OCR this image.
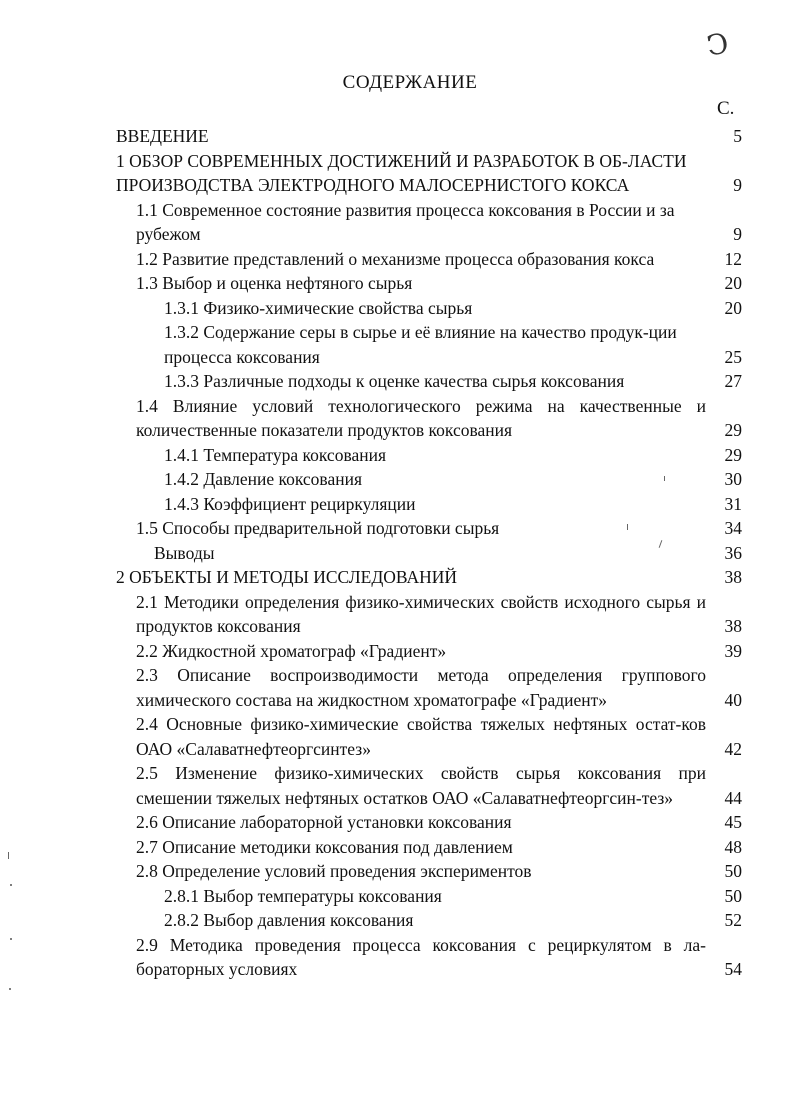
Ↄ
СОДЕРЖАНИЕ
С.
ВВЕДЕНИЕ	5
1 ОБЗОР СОВРЕМЕННЫХ ДОСТИЖЕНИЙ И РАЗРАБОТОК В ОБ-ЛАСТИ ПРОИЗВОДСТВА ЭЛЕКТРОДНОГО МАЛОСЕРНИСТОГО КОКСА	9
1.1 Современное состояние развития процесса коксования в России и за рубежом	9
1.2 Развитие представлений о механизме процесса образования кокса	12
1.3 Выбор и оценка нефтяного сырья	20
1.3.1 Физико-химические свойства сырья	20
1.3.2 Содержание серы в сырье и её влияние на качество продук-ции процесса коксования	25
1.3.3 Различные подходы к оценке качества сырья коксования	27
1.4 Влияние условий технологического режима на качественные и количественные показатели продуктов коксования	29
1.4.1 Температура коксования	29
1.4.2 Давление коксования	30
1.4.3 Коэффициент рециркуляции	31
1.5 Способы предварительной подготовки сырья	34
Выводы	36
2 ОБЪЕКТЫ И МЕТОДЫ ИССЛЕДОВАНИЙ	38
2.1 Методики определения физико-химических свойств исходного сырья и продуктов коксования	38
2.2 Жидкостной хроматограф «Градиент»	39
2.3 Описание воспроизводимости метода определения группового химического состава на жидкостном хроматографе «Градиент»	40
2.4 Основные физико-химические свойства тяжелых нефтяных остат-ков ОАО «Салаватнефтеоргсинтез»	42
2.5 Изменение физико-химических свойств сырья коксования при смешении тяжелых нефтяных остатков ОАО «Салаватнефтеоргсин-тез»	44
2.6 Описание лабораторной установки коксования	45
2.7 Описание методики коксования под давлением	48
2.8 Определение условий проведения экспериментов	50
2.8.1 Выбор температуры коксования	50
2.8.2 Выбор давления коксования	52
2.9 Методика проведения процесса коксования с рециркулятом в ла-бораторных условиях	54
